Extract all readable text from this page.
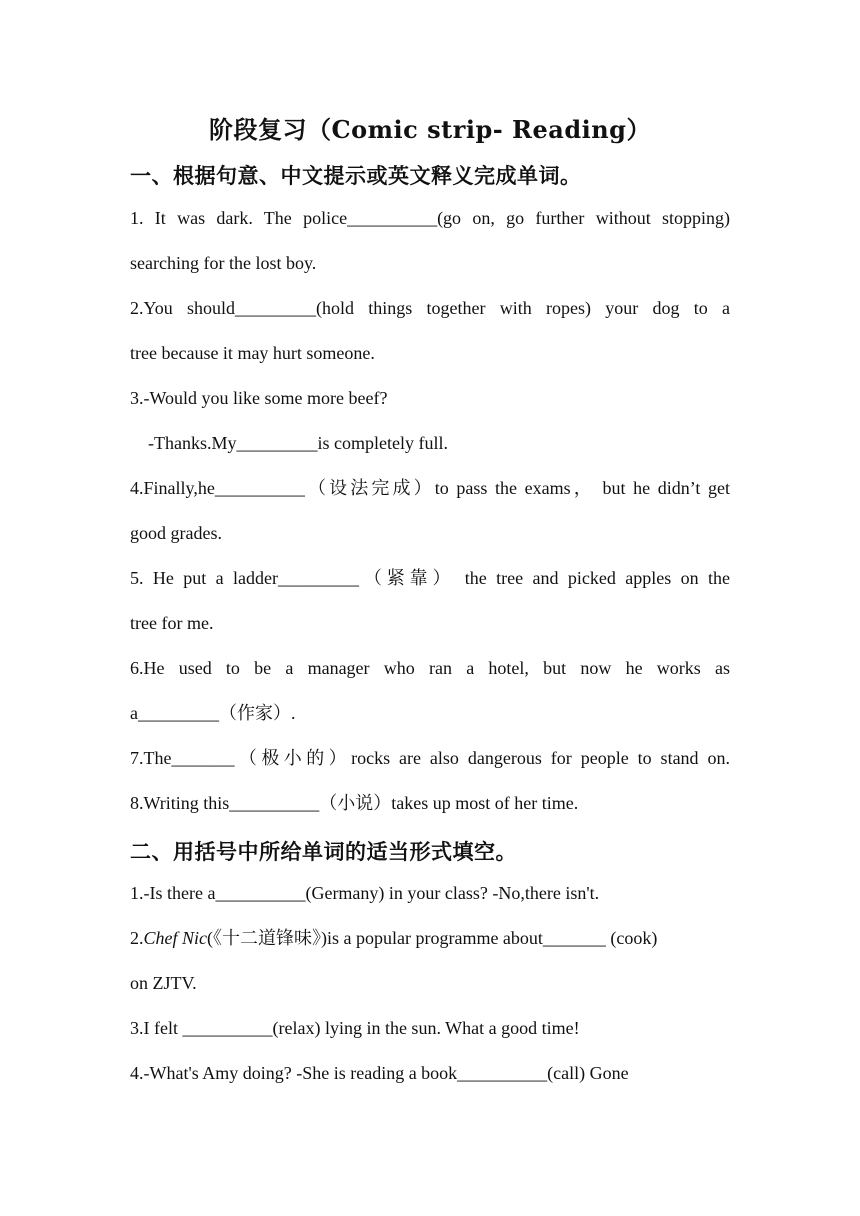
阶段复习（Comic strip- Reading）
一、根据句意、中文提示或英文释义完成单词。
1. It was dark. The police__________(go on, go further without stopping)
searching for the lost boy.
2.You should_________(hold things together with ropes) your dog to a
tree because it may hurt someone.
3.-Would you like some more beef?
-Thanks.My_________is completely full.
4.Finally,he__________（设法完成）to pass the exams， but he didn’t get
good grades.
5. He put a ladder_________（紧靠） the tree and picked apples on the
tree for me.
6.He used to be a manager who ran a hotel, but now he works as
a_________（作家）.
7.The_______（极小的）rocks are also dangerous for people to stand on.
8.Writing this__________（小说）takes up most of her time.
二、用括号中所给单词的适当形式填空。
1.-Is there a__________(Germany) in your class? -No,there isn't.
2.Chef Nic(《十二道锋味》)is a popular programme about_______ (cook)
on ZJTV.
3.I felt __________(relax) lying in the sun. What a good time!
4.-What's Amy doing? -She is reading a book__________(call) Gone
